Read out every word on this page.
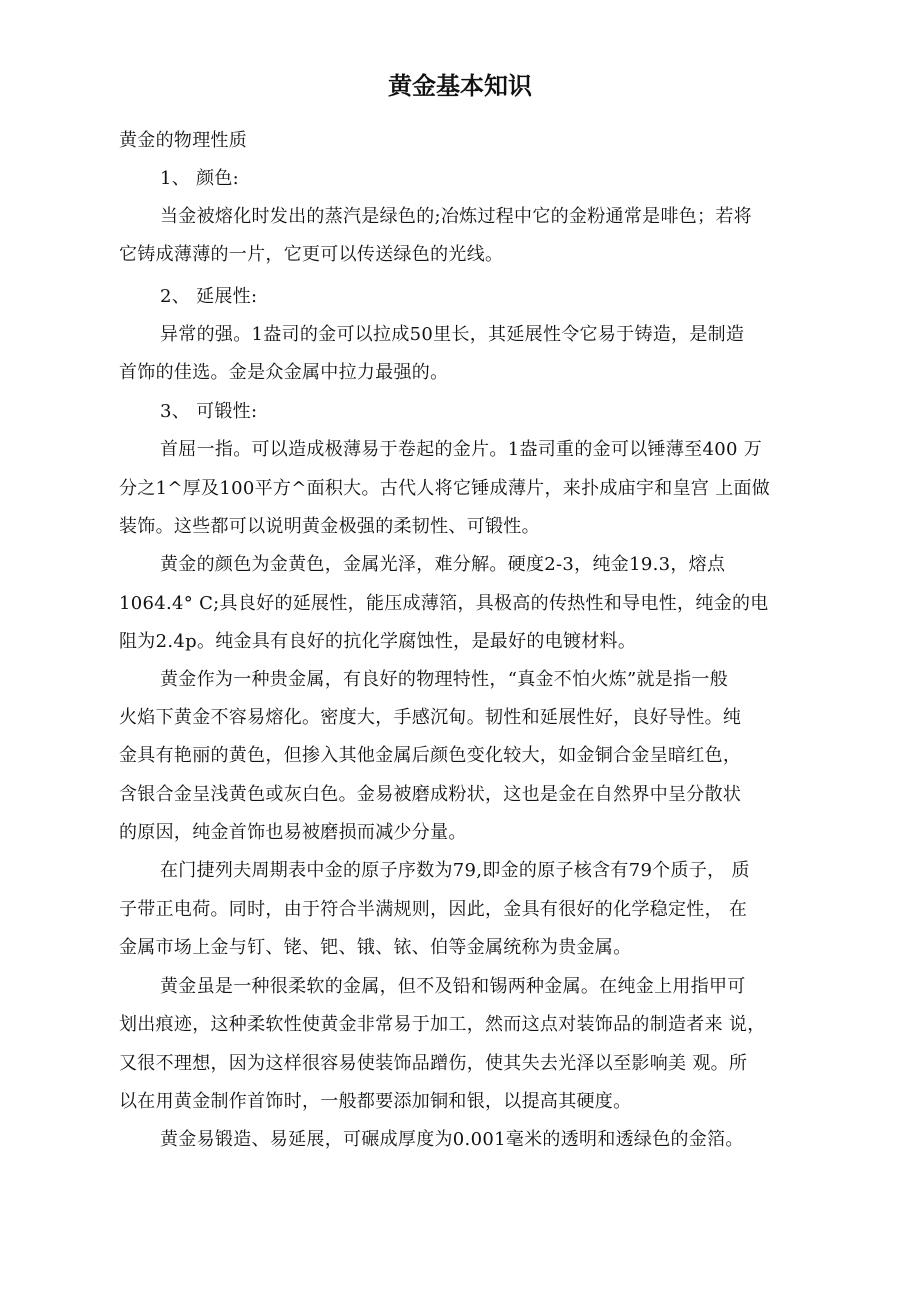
黄金基本知识

黄金的物理性质

1、 颜色:

当金被熔化时发出的蒸汽是绿色的;冶炼过程中它的金粉通常是啡色；若将

它铸成薄薄的一片，它更可以传送绿色的光线。

2、 延展性:

异常的强。1盎司的金可以拉成50里长，其延展性令它易于铸造，是制造

首饰的佳选。金是众金属中拉力最强的。

3、 可锻性:

首屈一指。可以造成极薄易于卷起的金片。1盎司重的金可以锤薄至400 万

分之1^厚及100平方^面积大。古代人将它锤成薄片，来扑成庙宇和皇宫 上面做

装饰。这些都可以说明黄金极强的柔韧性、可锻性。

黄金的颜色为金黄色，金属光泽，难分解。硬度2-3，纯金19.3，熔点

1064.4° C;具良好的延展性，能压成薄箔，具极高的传热性和导电性，纯金的电

阻为2.4p。纯金具有良好的抗化学腐蚀性，是最好的电镀材料。

黄金作为一种贵金属，有良好的物理特性，“真金不怕火炼”就是指一般

火焰下黄金不容易熔化。密度大，手感沉甸。韧性和延展性好，良好导性。纯

金具有艳丽的黄色，但掺入其他金属后颜色变化较大，如金铜合金呈暗红色，

含银合金呈浅黄色或灰白色。金易被磨成粉状，这也是金在自然界中呈分散状

的原因，纯金首饰也易被磨损而减少分量。

在门捷列夫周期表中金的原子序数为79,即金的原子核含有79个质子， 质

子带正电荷。同时，由于符合半满规则，因此，金具有很好的化学稳定性， 在

金属市场上金与钉、铑、钯、锇、铱、伯等金属统称为贵金属。

黄金虽是一种很柔软的金属，但不及铅和锡两种金属。在纯金上用指甲可

划出痕迹，这种柔软性使黄金非常易于加工，然而这点对装饰品的制造者来 说，

又很不理想，因为这样很容易使装饰品蹭伤，使其失去光泽以至影响美 观。所

以在用黄金制作首饰时，一般都要添加铜和银，以提高其硬度。

黄金易锻造、易延展，可碾成厚度为0.001毫米的透明和透绿色的金箔。
